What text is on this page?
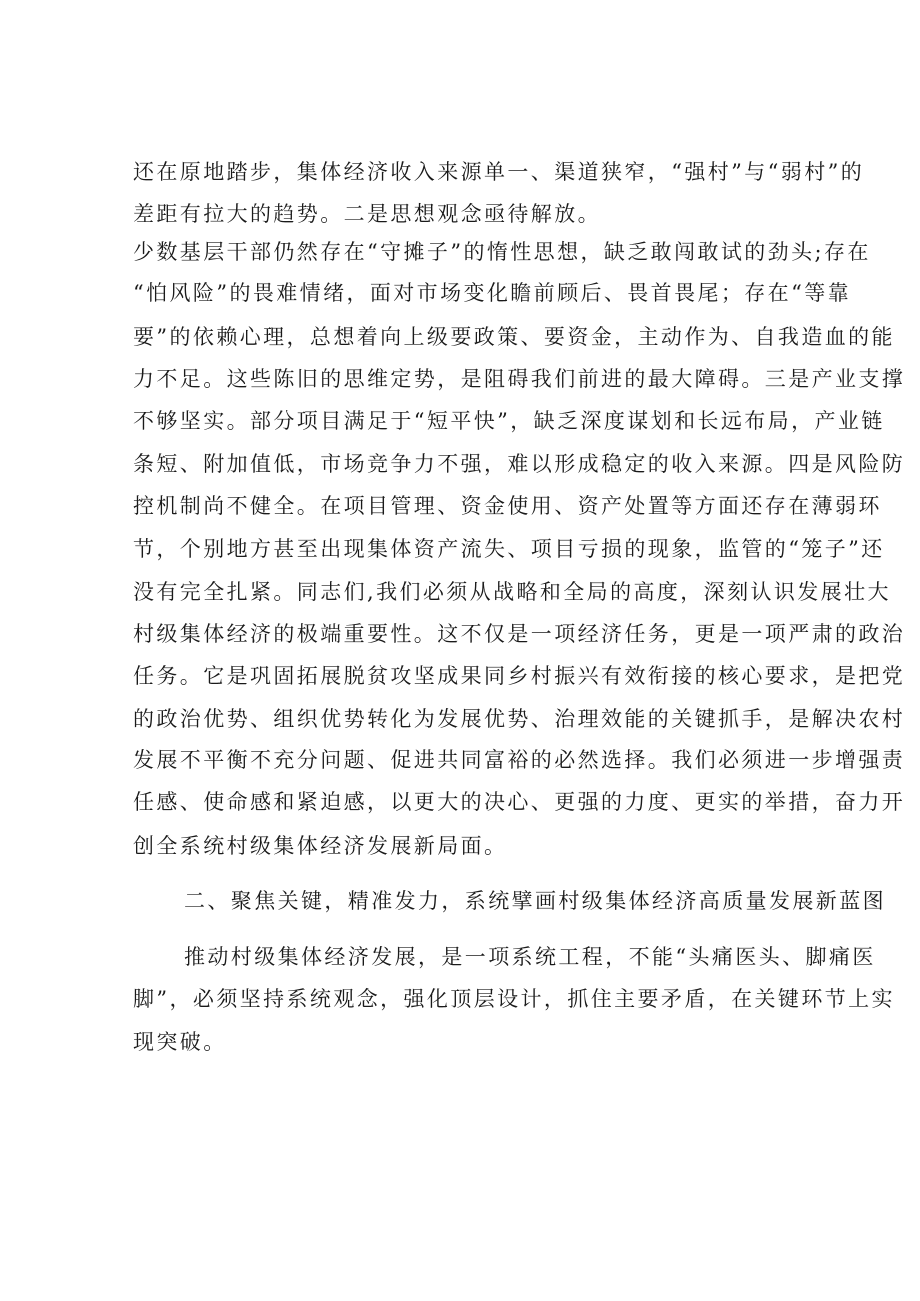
还在原地踏步，集体经济收入来源单一、渠道狭窄，“强村”与“弱村”的
差距有拉大的趋势。二是思想观念亟待解放。
少数基层干部仍然存在“守摊子”的惰性思想，缺乏敢闯敢试的劲头;存在
“怕风险”的畏难情绪，面对市场变化瞻前顾后、畏首畏尾；存在“等靠
要”的依赖心理，总想着向上级要政策、要资金，主动作为、自我造血的能
力不足。这些陈旧的思维定势，是阻碍我们前进的最大障碍。三是产业支撑
不够坚实。部分项目满足于“短平快”，缺乏深度谋划和长远布局，产业链
条短、附加值低，市场竞争力不强，难以形成稳定的收入来源。四是风险防
控机制尚不健全。在项目管理、资金使用、资产处置等方面还存在薄弱环
节，个别地方甚至出现集体资产流失、项目亏损的现象，监管的“笼子”还
没有完全扎紧。同志们,我们必须从战略和全局的高度，深刻认识发展壮大
村级集体经济的极端重要性。这不仅是一项经济任务，更是一项严肃的政治
任务。它是巩固拓展脱贫攻坚成果同乡村振兴有效衔接的核心要求，是把党
的政治优势、组织优势转化为发展优势、治理效能的关键抓手，是解决农村
发展不平衡不充分问题、促进共同富裕的必然选择。我们必须进一步增强责
任感、使命感和紧迫感，以更大的决心、更强的力度、更实的举措，奋力开
创全系统村级集体经济发展新局面。
二、聚焦关键，精准发力，系统擘画村级集体经济高质量发展新蓝图
推动村级集体经济发展，是一项系统工程，不能“头痛医头、脚痛医
脚”，必须坚持系统观念，强化顶层设计，抓住主要矛盾，在关键环节上实
现突破。
